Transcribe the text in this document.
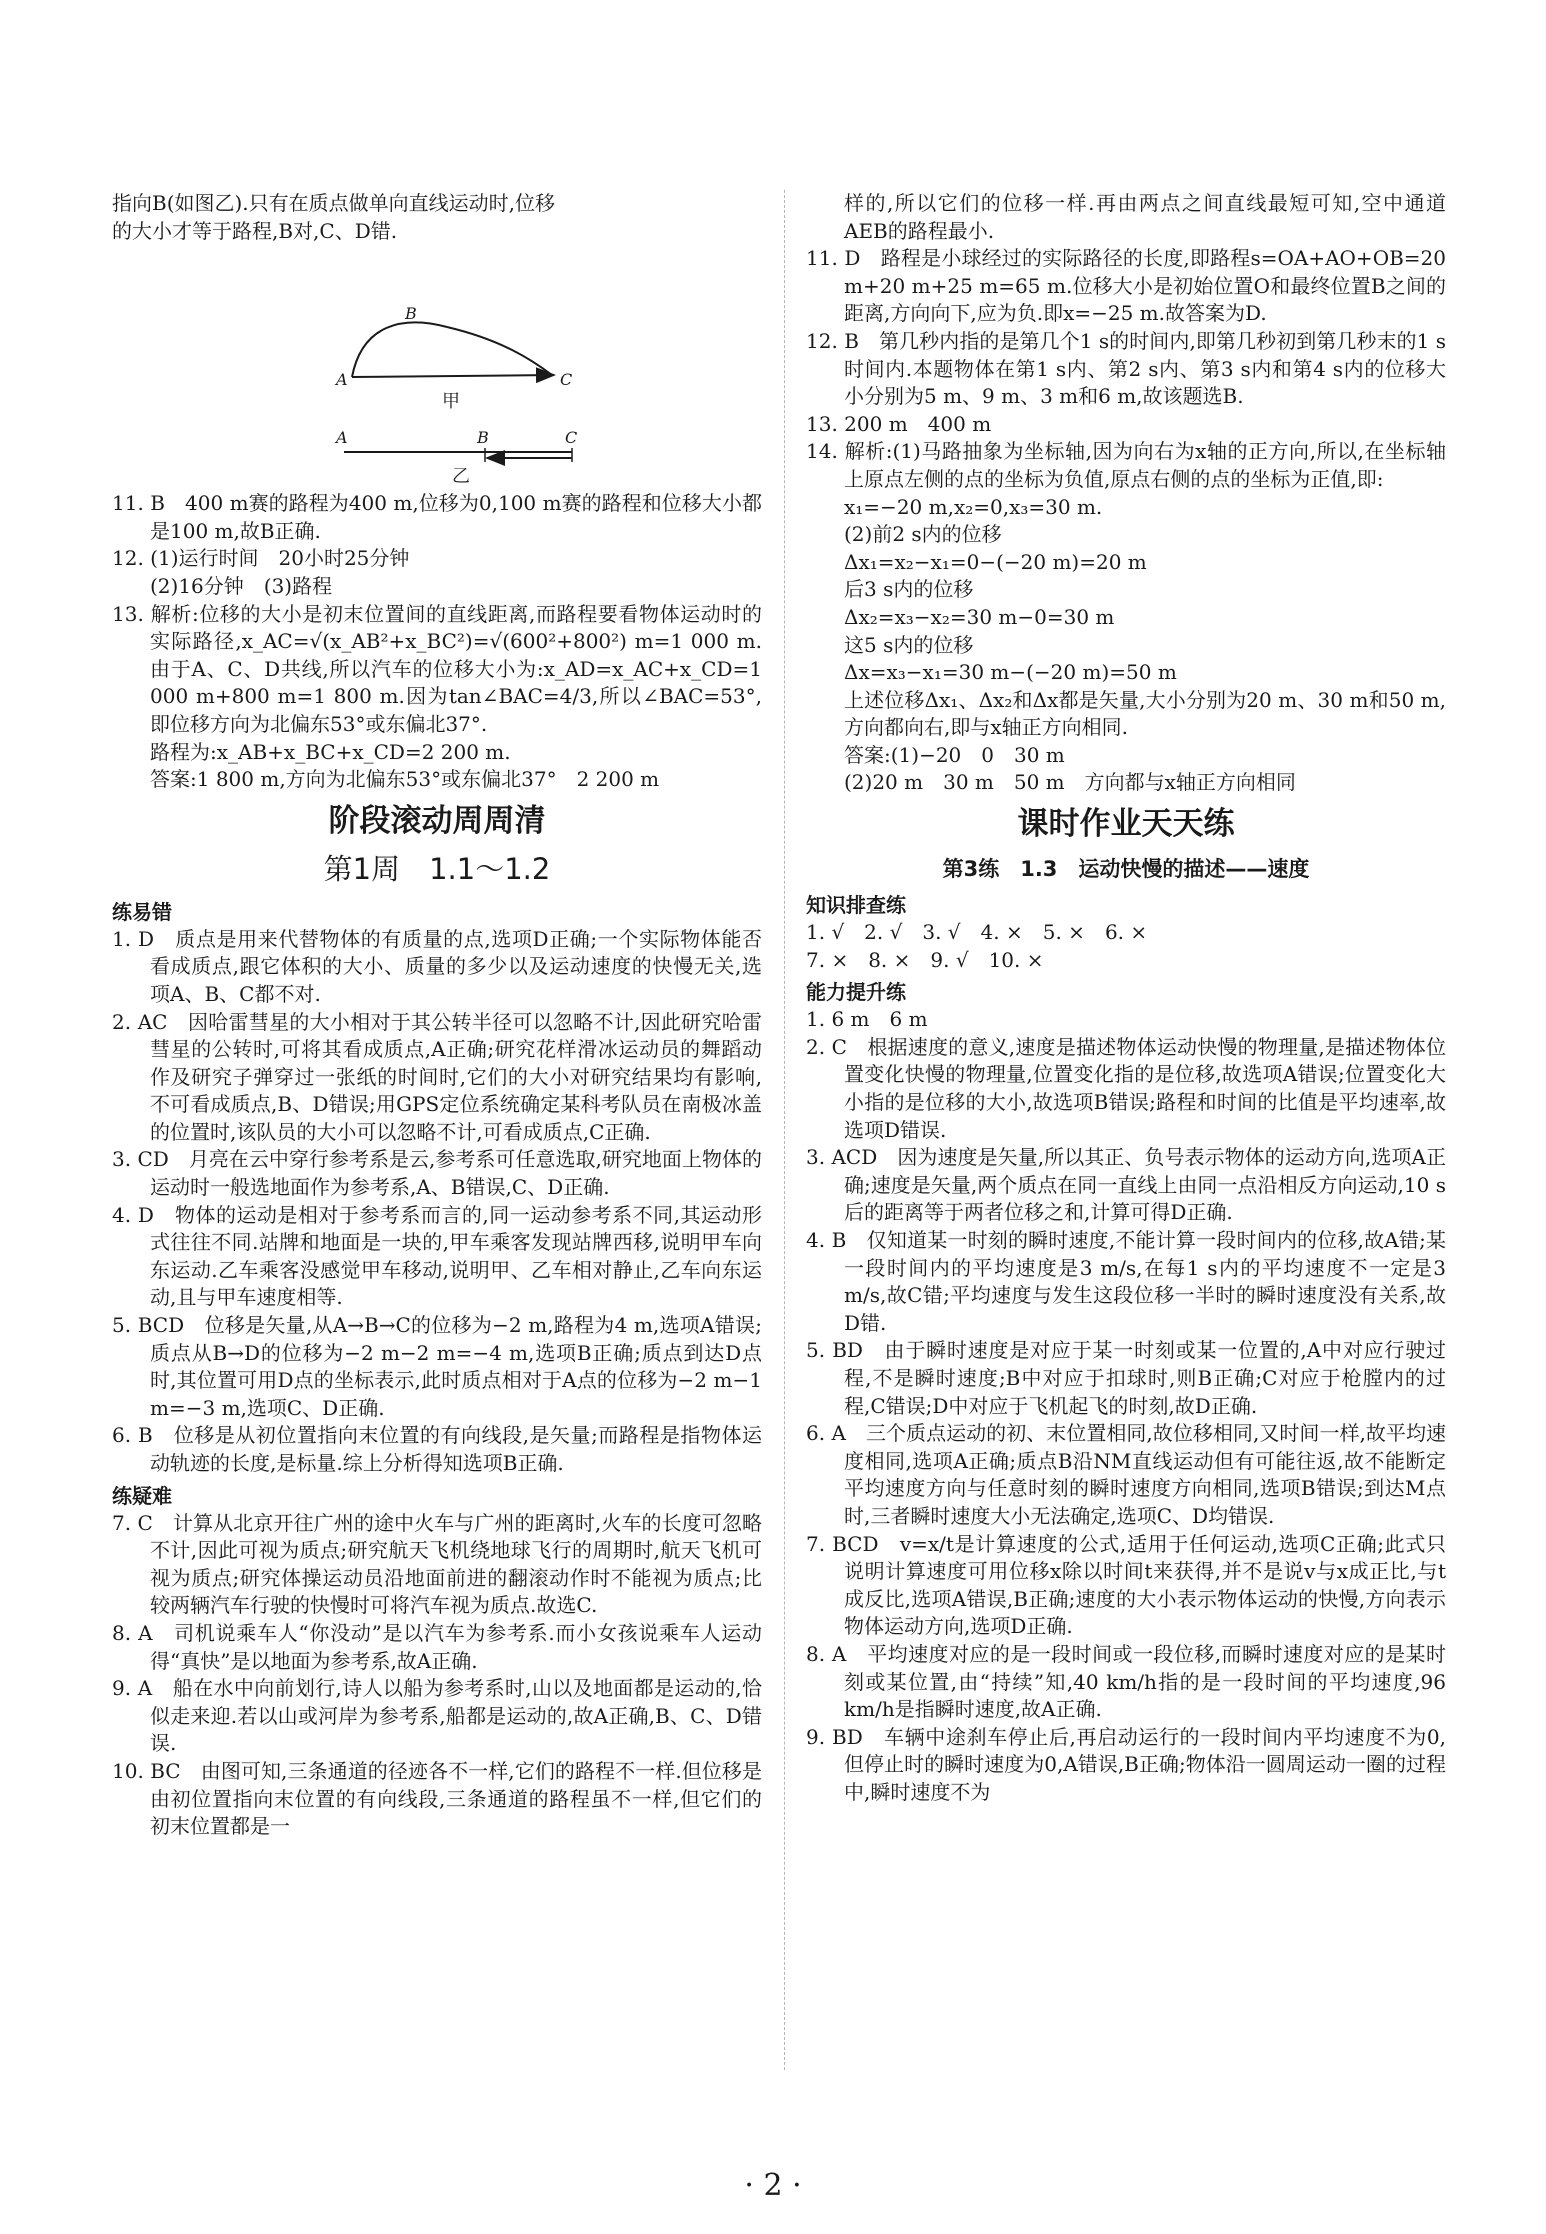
指向B(如图乙).只有在质点做单向直线运动时,位移

的大小才等于路程,B对,C、D错.

A
B
C
甲
A	B	C
乙

11. B　400 m赛的路程为400 m,位移为0,100 m赛的路程和位移大小都是100 m,故B正确.

12. (1)运行时间　20小时25分钟

(2)16分钟　(3)路程

13. 解析:位移的大小是初末位置间的直线距离,而路程要看物体运动时的实际路径,x_AC=√(x_AB²+x_BC²)=√(600²+800²) m=1 000 m.由于A、C、D共线,所以汽车的位移大小为:x_AD=x_AC+x_CD=1 000 m+800 m=1 800 m.因为tan∠BAC=4/3,所以∠BAC=53°,即位移方向为北偏东53°或东偏北37°.

路程为:x_AB+x_BC+x_CD=2 200 m.

答案:1 800 m,方向为北偏东53°或东偏北37°　2 200 m

阶段滚动周周清
第1周　1.1～1.2
练易错

1. D　质点是用来代替物体的有质量的点,选项D正确;一个实际物体能否看成质点,跟它体积的大小、质量的多少以及运动速度的快慢无关,选项A、B、C都不对.

2. AC　因哈雷彗星的大小相对于其公转半径可以忽略不计,因此研究哈雷彗星的公转时,可将其看成质点,A正确;研究花样滑冰运动员的舞蹈动作及研究子弹穿过一张纸的时间时,它们的大小对研究结果均有影响,不可看成质点,B、D错误;用GPS定位系统确定某科考队员在南极冰盖的位置时,该队员的大小可以忽略不计,可看成质点,C正确.

3. CD　月亮在云中穿行参考系是云,参考系可任意选取,研究地面上物体的运动时一般选地面作为参考系,A、B错误,C、D正确.

4. D　物体的运动是相对于参考系而言的,同一运动参考系不同,其运动形式往往不同.站牌和地面是一块的,甲车乘客发现站牌西移,说明甲车向东运动.乙车乘客没感觉甲车移动,说明甲、乙车相对静止,乙车向东运动,且与甲车速度相等.

5. BCD　位移是矢量,从A→B→C的位移为−2 m,路程为4 m,选项A错误;质点从B→D的位移为−2 m−2 m=−4 m,选项B正确;质点到达D点时,其位置可用D点的坐标表示,此时质点相对于A点的位移为−2 m−1 m=−3 m,选项C、D正确.

6. B　位移是从初位置指向末位置的有向线段,是矢量;而路程是指物体运动轨迹的长度,是标量.综上分析得知选项B正确.

练疑难

7. C　计算从北京开往广州的途中火车与广州的距离时,火车的长度可忽略不计,因此可视为质点;研究航天飞机绕地球飞行的周期时,航天飞机可视为质点;研究体操运动员沿地面前进的翻滚动作时不能视为质点;比较两辆汽车行驶的快慢时可将汽车视为质点.故选C.

8. A　司机说乘车人“你没动”是以汽车为参考系.而小女孩说乘车人运动得“真快”是以地面为参考系,故A正确.

9. A　船在水中向前划行,诗人以船为参考系时,山以及地面都是运动的,恰似走来迎.若以山或河岸为参考系,船都是运动的,故A正确,B、C、D错误.

10. BC　由图可知,三条通道的径迹各不一样,它们的路程不一样.但位移是由初位置指向末位置的有向线段,三条通道的路程虽不一样,但它们的初末位置都是一

样的,所以它们的位移一样.再由两点之间直线最短可知,空中通道AEB的路程最小.

11. D　路程是小球经过的实际路径的长度,即路程s=OA+AO+OB=20 m+20 m+25 m=65 m.位移大小是初始位置O和最终位置B之间的距离,方向向下,应为负.即x=−25 m.故答案为D.

12. B　第几秒内指的是第几个1 s的时间内,即第几秒初到第几秒末的1 s时间内.本题物体在第1 s内、第2 s内、第3 s内和第4 s内的位移大小分别为5 m、9 m、3 m和6 m,故该题选B.

13. 200 m　400 m

14. 解析:(1)马路抽象为坐标轴,因为向右为x轴的正方向,所以,在坐标轴上原点左侧的点的坐标为负值,原点右侧的点的坐标为正值,即:

x₁=−20 m,x₂=0,x₃=30 m.

(2)前2 s内的位移

Δx₁=x₂−x₁=0−(−20 m)=20 m

后3 s内的位移

Δx₂=x₃−x₂=30 m−0=30 m

这5 s内的位移

Δx=x₃−x₁=30 m−(−20 m)=50 m

上述位移Δx₁、Δx₂和Δx都是矢量,大小分别为20 m、30 m和50 m,方向都向右,即与x轴正方向相同.

答案:(1)−20　0　30 m

(2)20 m　30 m　50 m　方向都与x轴正方向相同

课时作业天天练
第3练　1.3　运动快慢的描述——速度
知识排查练

1. √　2. √　3. √　4. ×　5. ×　6. ×

7. ×　8. ×　9. √　10. ×

能力提升练

1. 6 m　6 m

2. C　根据速度的意义,速度是描述物体运动快慢的物理量,是描述物体位置变化快慢的物理量,位置变化指的是位移,故选项A错误;位置变化大小指的是位移的大小,故选项B错误;路程和时间的比值是平均速率,故选项D错误.

3. ACD　因为速度是矢量,所以其正、负号表示物体的运动方向,选项A正确;速度是矢量,两个质点在同一直线上由同一点沿相反方向运动,10 s后的距离等于两者位移之和,计算可得D正确.

4. B　仅知道某一时刻的瞬时速度,不能计算一段时间内的位移,故A错;某一段时间内的平均速度是3 m/s,在每1 s内的平均速度不一定是3 m/s,故C错;平均速度与发生这段位移一半时的瞬时速度没有关系,故D错.

5. BD　由于瞬时速度是对应于某一时刻或某一位置的,A中对应行驶过程,不是瞬时速度;B中对应于扣球时,则B正确;C对应于枪膛内的过程,C错误;D中对应于飞机起飞的时刻,故D正确.

6. A　三个质点运动的初、末位置相同,故位移相同,又时间一样,故平均速度相同,选项A正确;质点B沿NM直线运动但有可能往返,故不能断定平均速度方向与任意时刻的瞬时速度方向相同,选项B错误;到达M点时,三者瞬时速度大小无法确定,选项C、D均错误.

7. BCD　v=x/t是计算速度的公式,适用于任何运动,选项C正确;此式只说明计算速度可用位移x除以时间t来获得,并不是说v与x成正比,与t成反比,选项A错误,B正确;速度的大小表示物体运动的快慢,方向表示物体运动方向,选项D正确.

8. A　平均速度对应的是一段时间或一段位移,而瞬时速度对应的是某时刻或某位置,由“持续”知,40 km/h指的是一段时间的平均速度,96 km/h是指瞬时速度,故A正确.

9. BD　车辆中途刹车停止后,再启动运行的一段时间内平均速度不为0,但停止时的瞬时速度为0,A错误,B正确;物体沿一圆周运动一圈的过程中,瞬时速度不为

· 2 ·
